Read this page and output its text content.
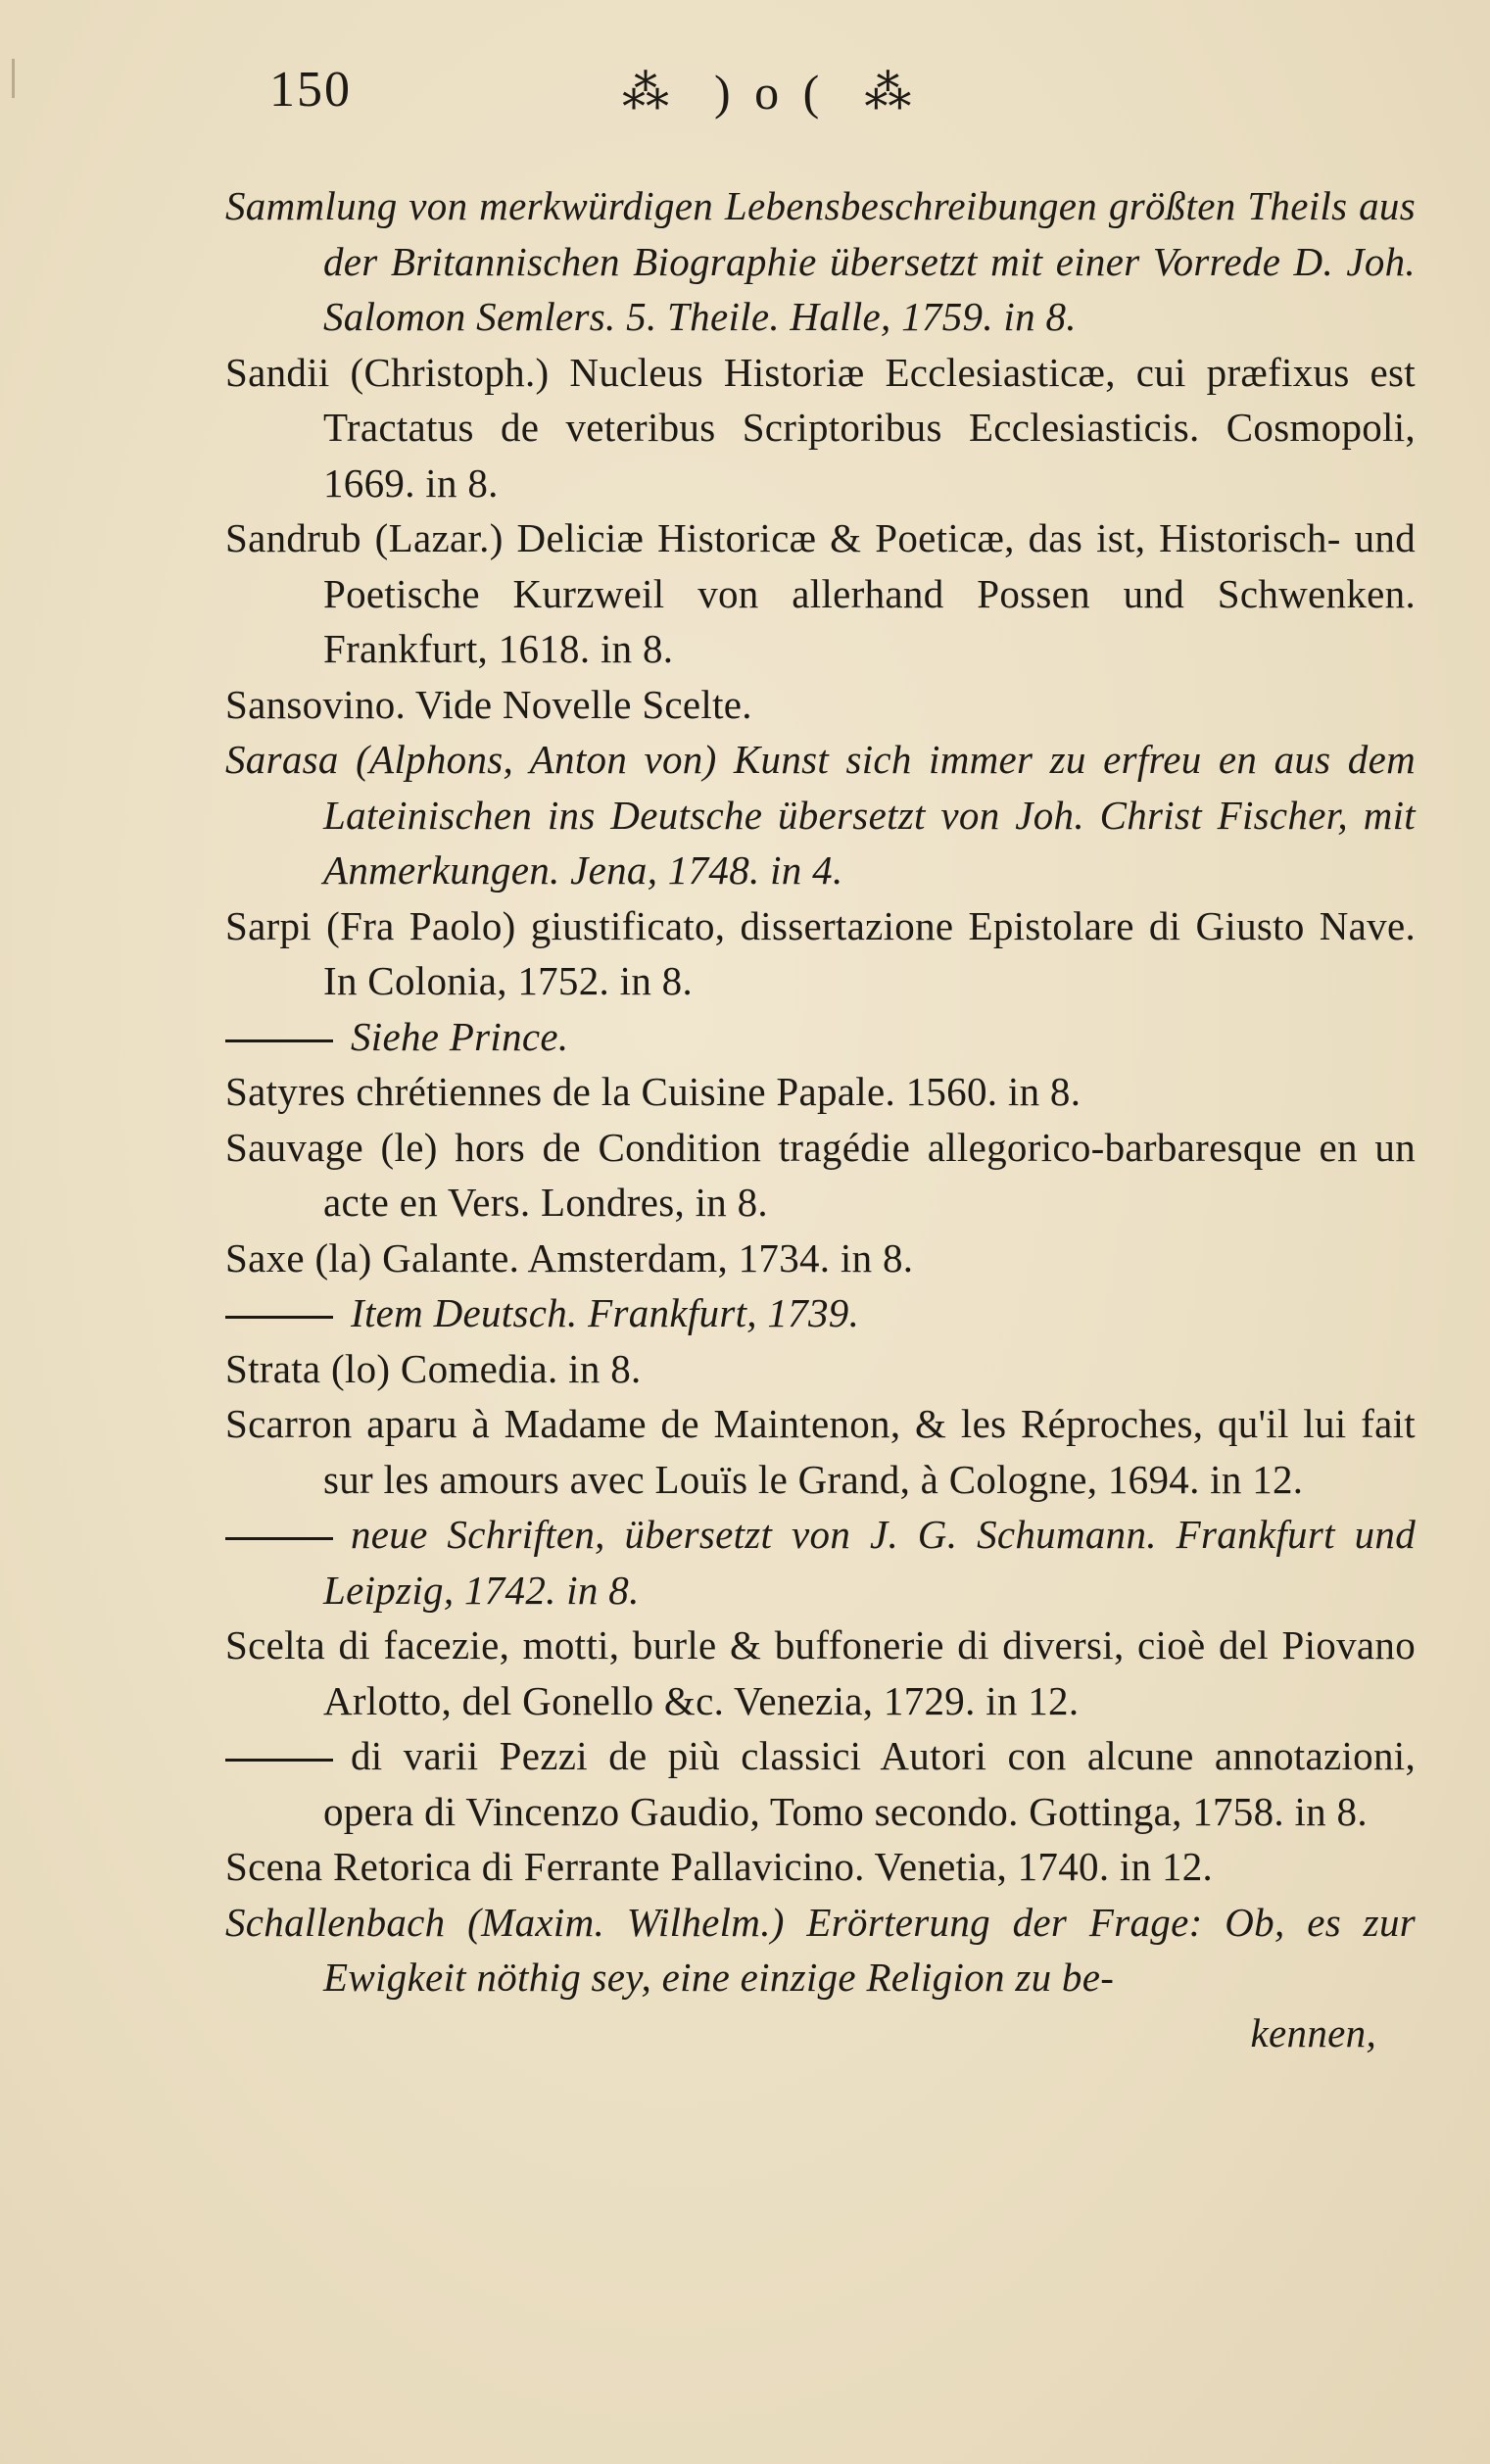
150	⁂ ) o ( ⁂
Sammlung von merkwürdigen Lebensbeschreibungen größten Theils aus der Britannischen Biographie übersetzt mit einer Vorrede D. Joh. Salomon Semlers. 5. Theile. Halle, 1759. in 8.
Sandii (Christoph.) Nucleus Historiæ Ecclesiasticæ, cui præfixus est Tractatus de veteribus Scriptoribus Ecclesiasticis. Cosmopoli, 1669. in 8.
Sandrub (Lazar.) Deliciæ Historicæ & Poeticæ, das ist, Historisch- und Poetische Kurzweil von allerhand Possen und Schwenken. Frankfurt, 1618. in 8.
Sansovino. Vide Novelle Scelte.
Sarasa (Alphons, Anton von) Kunst sich immer zu erfreu en aus dem Lateinischen ins Deutsche übersetzt von Joh. Christ Fischer, mit Anmerkungen. Jena, 1748. in 4.
Sarpi (Fra Paolo) giustificato, dissertazione Epistolare di Giusto Nave. In Colonia, 1752. in 8.
Siehe Prince.
Satyres chrétiennes de la Cuisine Papale. 1560. in 8.
Sauvage (le) hors de Condition tragédie allegorico-barbaresque en un acte en Vers. Londres, in 8.
Saxe (la) Galante. Amsterdam, 1734. in 8.
Item Deutsch. Frankfurt, 1739.
Strata (lo) Comedia. in 8.
Scarron aparu à Madame de Maintenon, & les Réproches, qu'il lui fait sur les amours avec Louïs le Grand, à Cologne, 1694. in 12.
neue Schriften, übersetzt von J. G. Schumann. Frankfurt und Leipzig, 1742. in 8.
Scelta di facezie, motti, burle & buffonerie di diversi, cioè del Piovano Arlotto, del Gonello &c. Venezia, 1729. in 12.
di varii Pezzi de più classici Autori con alcune annotazioni, opera di Vincenzo Gaudio, Tomo secondo. Gottinga, 1758. in 8.
Scena Retorica di Ferrante Pallavicino. Venetia, 1740. in 12.
Schallenbach (Maxim. Wilhelm.) Erörterung der Frage: Ob, es zur Ewigkeit nöthig sey, eine einzige Religion zu be-
kennen,
